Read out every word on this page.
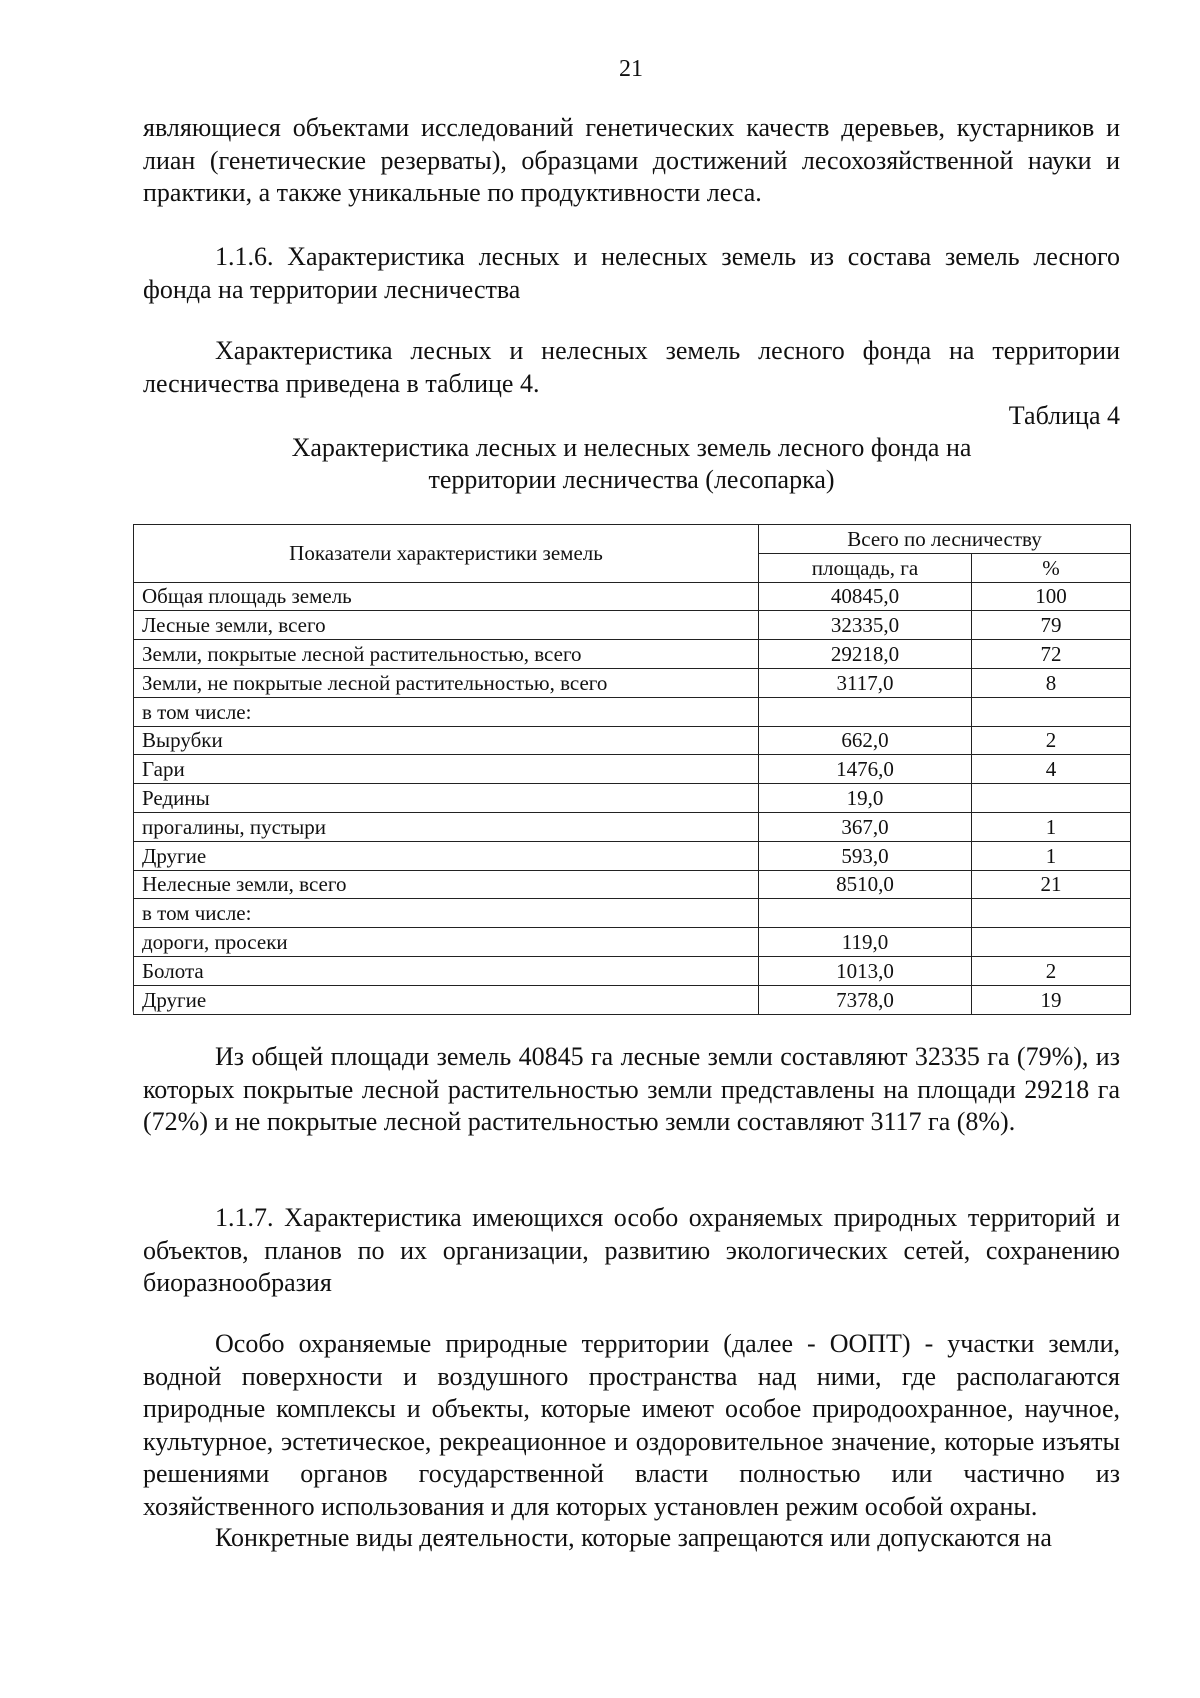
21

являющиеся объектами исследований генетических качеств деревьев, кустарников и лиан (генетические резерваты), образцами достижений лесохозяйственной науки и практики, а также уникальные по продуктивности леса.

1.1.6. Характеристика лесных и нелесных земель из состава земель лесного фонда на территории лесничества

Характеристика лесных и нелесных земель лесного фонда на территории лесничества приведена в таблице 4.

Таблица 4
Характеристика лесных и нелесных земель лесного фонда на
территории лесничества (лесопарка)
Показатели характеристики земель	Всего по лесничеству	
	площадь, га	%
Общая площадь земель	40845,0	100
Лесные земли, всего	32335,0	79
Земли, покрытые лесной растительностью, всего	29218,0	72
Земли, не покрытые лесной растительностью, всего	3117,0	8
в том числе:		
Вырубки	662,0	2
Гари	1476,0	4
Редины	19,0	
прогалины, пустыри	367,0	1
Другие	593,0	1
Нелесные земли, всего	8510,0	21
в том числе:		
дороги, просеки	119,0	
Болота	1013,0	2
Другие	7378,0	19

Из общей площади земель 40845 га лесные земли составляют 32335 га (79%), из которых покрытые лесной растительностью земли представлены на площади 29218 га (72%) и не покрытые лесной растительностью земли составляют 3117 га (8%).

1.1.7. Характеристика имеющихся особо охраняемых природных территорий и объектов, планов по их организации, развитию экологических сетей, сохранению биоразнообразия

Особо охраняемые природные территории (далее - ООПТ) - участки земли, водной поверхности и воздушного пространства над ними, где располагаются природные комплексы и объекты, которые имеют особое природоохранное, научное, культурное, эстетическое, рекреационное и оздоровительное значение, которые изъяты решениями органов государственной власти полностью или частично из хозяйственного использования и для которых установлен режим особой охраны.

Конкретные виды деятельности, которые запрещаются или допускаются на
